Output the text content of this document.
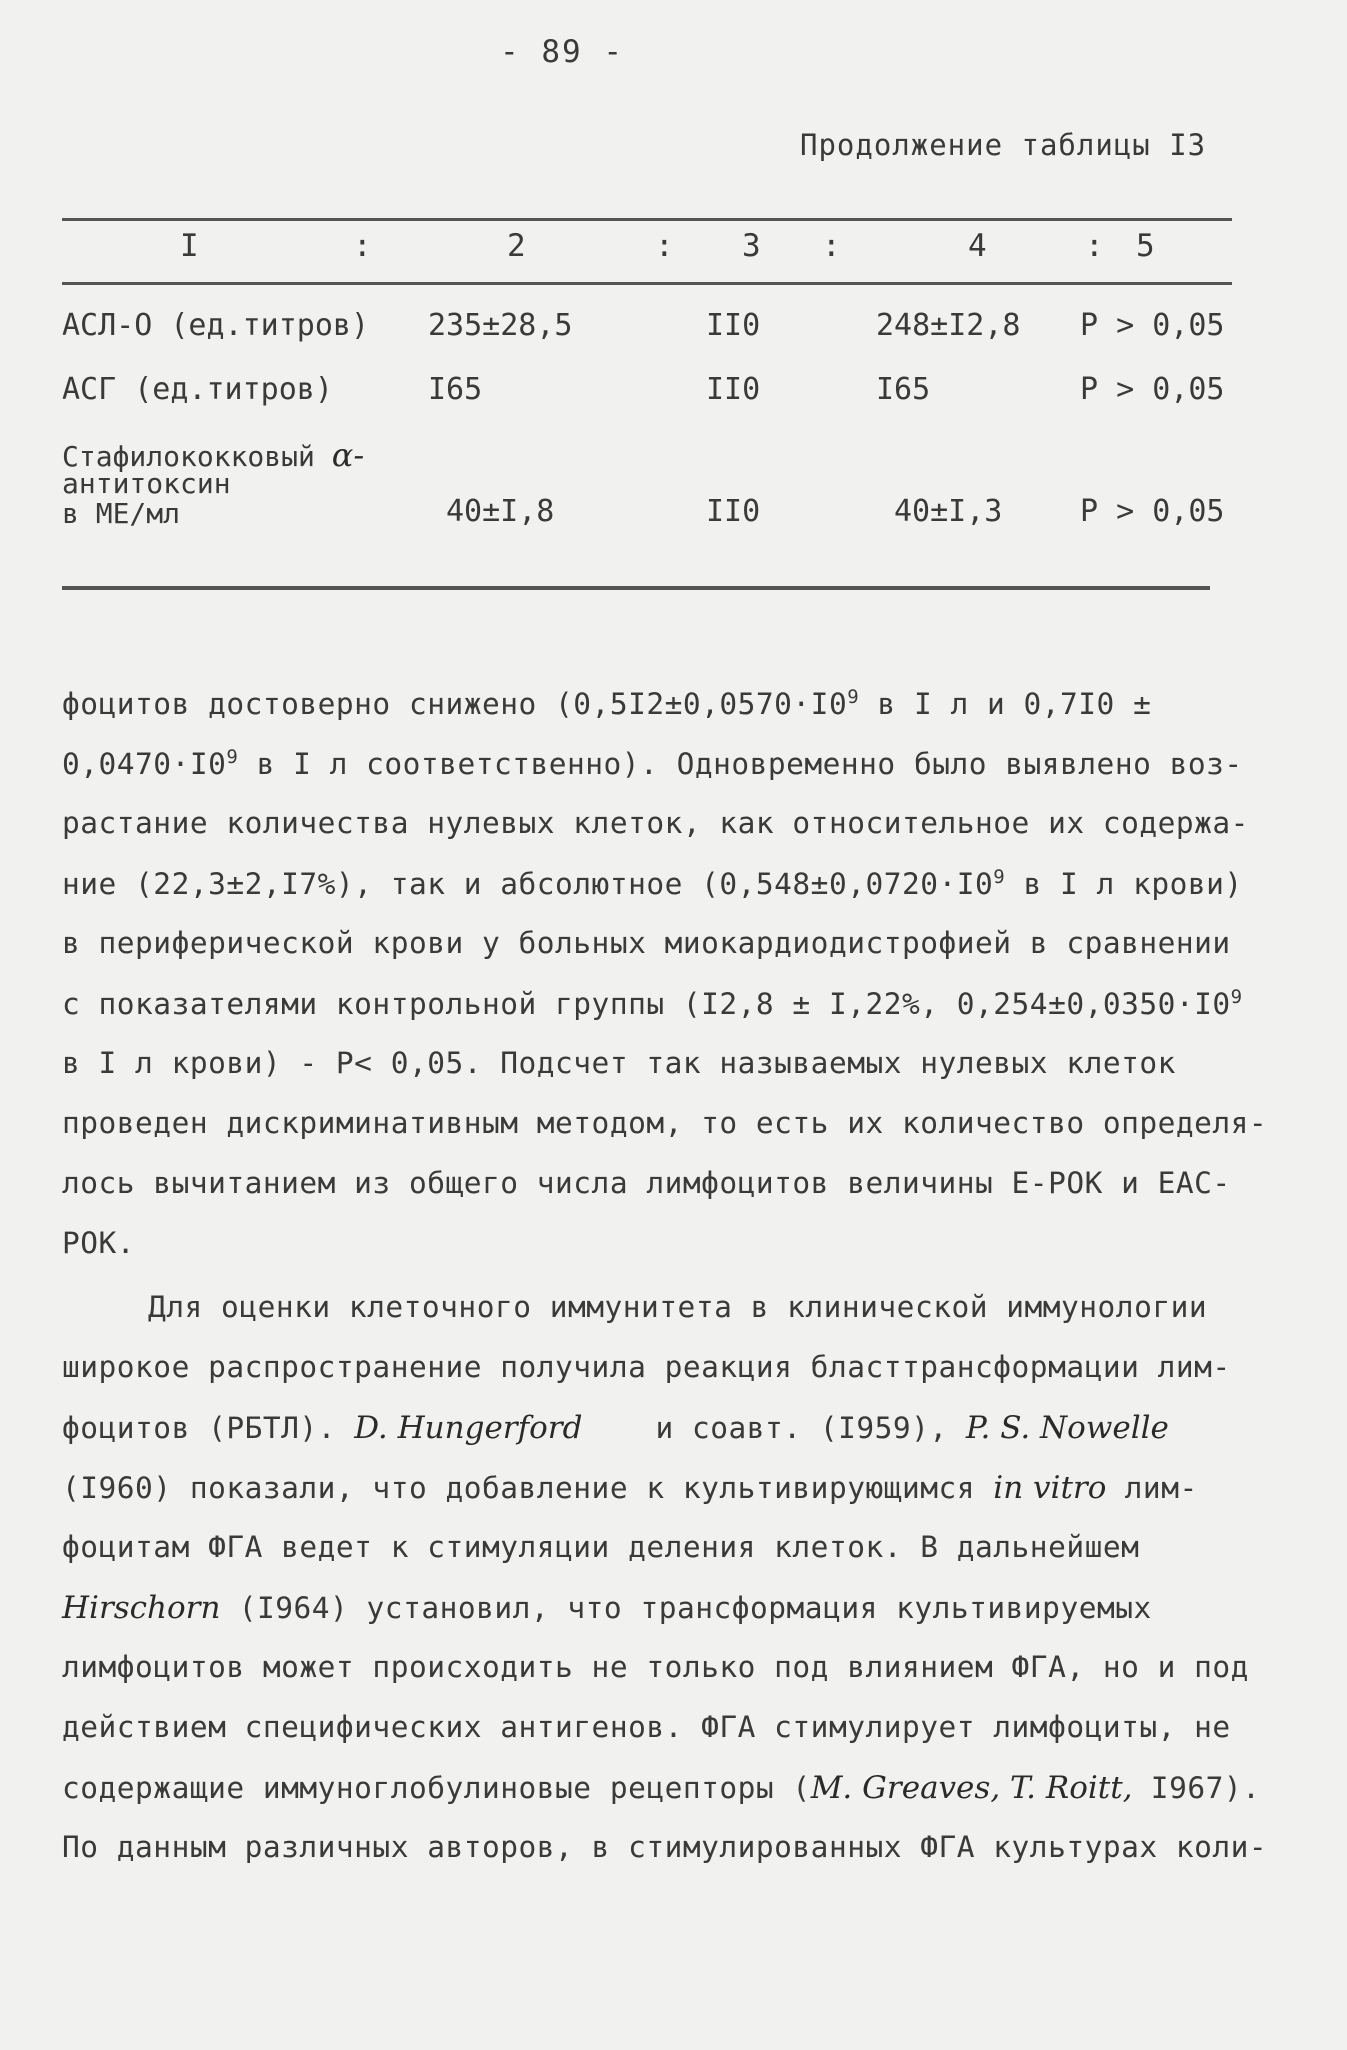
- 89 -
Продолжение таблицы I3
I	:	2	: 3 :	4	: 5
АСЛ-О (ед.титров) 235±28,5	II0	248±I2,8 P > 0,05
АСГ (ед.титров)	I65	II0	I65	P > 0,05
Стафилококковый α-
антитоксин
в МЕ/мл	40±I,8	II0	40±I,3	P > 0,05
фоцитов достоверно снижено ($0,5I2\pm 0,0570\cdot I0^9$ в I л и 0,7I0 ±
$0,0470\cdot I0^9$ в I л соответственно). Одновременно было выявлено воз-
растание количества нулевых клеток, как относительное их содержа-
ние (22,3±2,I7%), так и абсолютное ($0,548\pm 0,0720\cdot I0^9$ в I л крови)
в периферической крови у больных миокардиодистрофией в сравнении
с показателями контрольной группы (I2,8 ± I,22%, $0,254\pm 0,0350\cdot I0^9$
в I л крови) - P< 0,05. Подсчет так называемых нулевых клеток
проведен дискриминативным методом, то есть их количество определя-
лось вычитанием из общего числа лимфоцитов величины Е-РОК и ЕАС-
РОК.
Для оценки клеточного иммунитета в клинической иммунологии
широкое распространение получила реакция бласттрансформации лим-
фоцитов (РБТЛ). D. Hungerford и соавт. (I959), P. S. Nowelle
(I960) показали, что добавление к культивирующимся in vitro лим-
фоцитам ФГА ведет к стимуляции деления клеток. В дальнейшем
Hirschorn (I964) установил, что трансформация культивируемых
лимфоцитов может происходить не только под влиянием ФГА, но и под
действием специфических антигенов. ФГА стимулирует лимфоциты, не
содержащие иммуноглобулиновые рецепторы (M. Greaves, T. Roitt, I967).
По данным различных авторов, в стимулированных ФГА культурах коли-
